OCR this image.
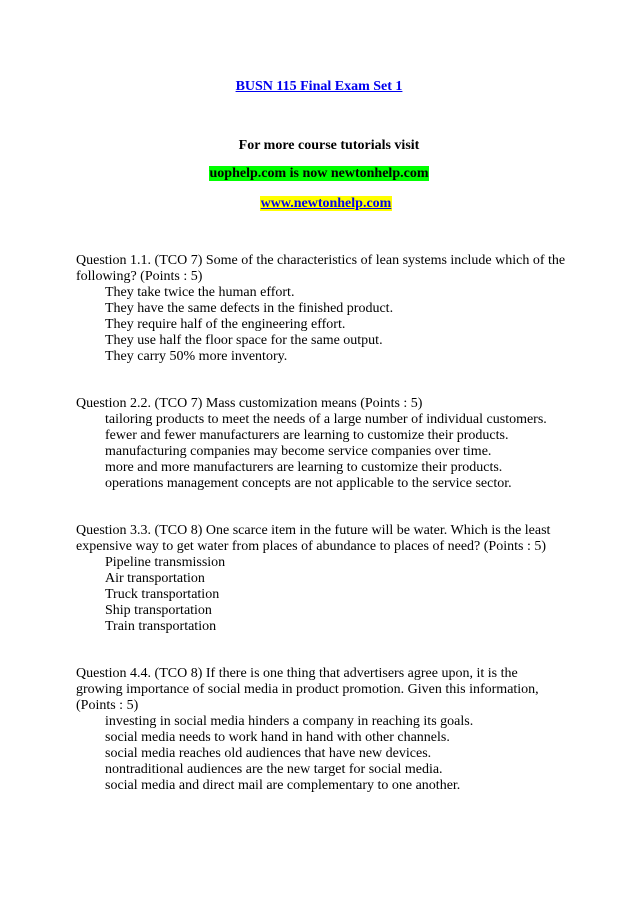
BUSN 115 Final Exam Set 1
For more course tutorials visit
uophelp.com is now newtonhelp.com
www.newtonhelp.com

Question 1.1. (TCO 7) Some of the characteristics of lean systems include which of the following? (Points : 5)

They take twice the human effort.
They have the same defects in the finished product.
They require half of the engineering effort.
They use half the floor space for the same output.
They carry 50% more inventory.

Question 2.2. (TCO 7) Mass customization means (Points : 5)

tailoring products to meet the needs of a large number of individual customers.
fewer and fewer manufacturers are learning to customize their products.
manufacturing companies may become service companies over time.
more and more manufacturers are learning to customize their products.
operations management concepts are not applicable to the service sector.

Question 3.3. (TCO 8) One scarce item in the future will be water. Which is the least expensive way to get water from places of abundance to places of need? (Points : 5)

Pipeline transmission
Air transportation
Truck transportation
Ship transportation
Train transportation

Question 4.4. (TCO 8) If there is one thing that advertisers agree upon, it is the growing importance of social media in product promotion. Given this information, (Points : 5)

investing in social media hinders a company in reaching its goals.
social media needs to work hand in hand with other channels.
social media reaches old audiences that have new devices.
nontraditional audiences are the new target for social media.
social media and direct mail are complementary to one another.
